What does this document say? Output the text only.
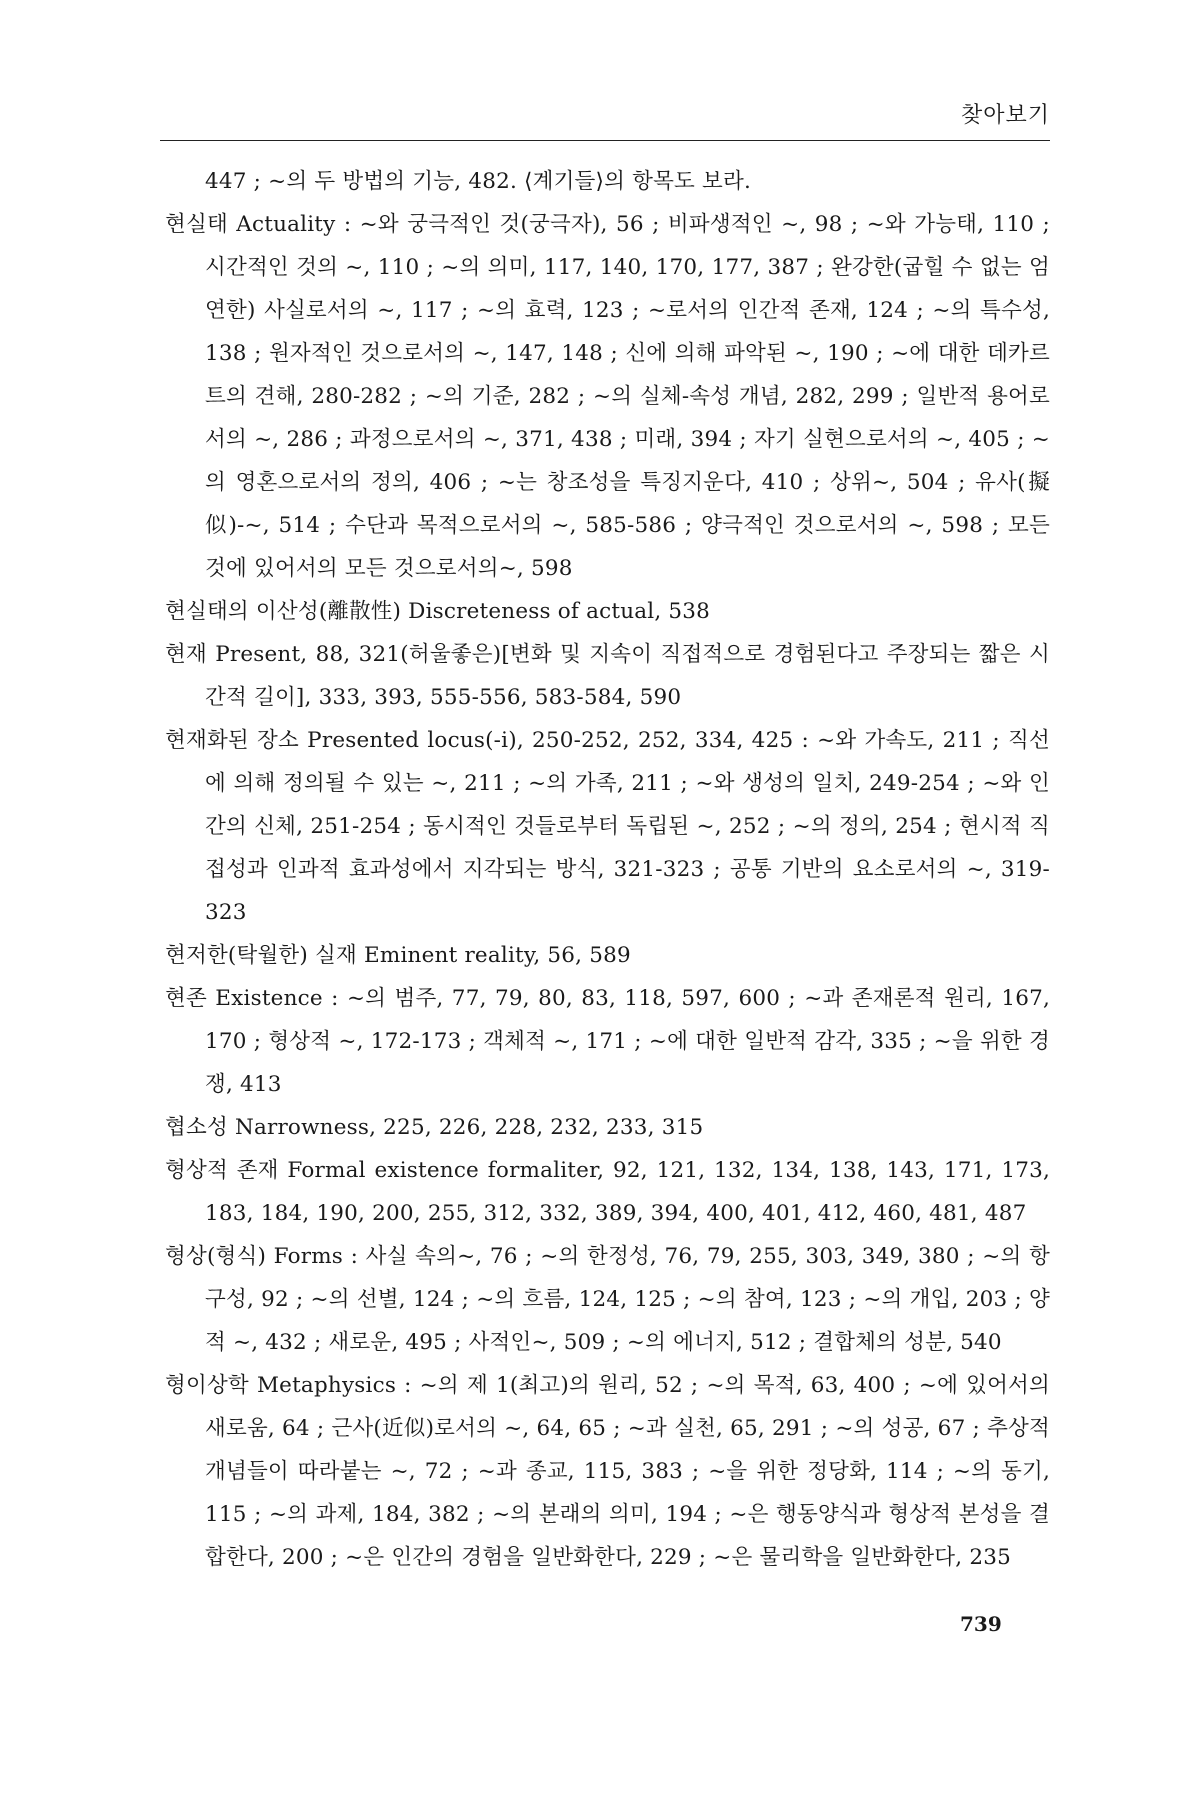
찾아보기

447 ; ~의 두 방법의 기능, 482. ⟨계기들⟩의 항목도 보라.

현실태 Actuality : ~와 궁극적인 것(궁극자), 56 ; 비파생적인 ~, 98 ; ~와 가능태, 110 ; 시간적인 것의 ~, 110 ; ~의 의미, 117, 140, 170, 177, 387 ; 완강한(굽힐 수 없는 엄연한) 사실로서의 ~, 117 ; ~의 효력, 123 ; ~로서의 인간적 존재, 124 ; ~의 특수성, 138 ; 원자적인 것으로서의 ~, 147, 148 ; 신에 의해 파악된 ~, 190 ; ~에 대한 데카르트의 견해, 280-282 ; ~의 기준, 282 ; ~의 실체-속성 개념, 282, 299 ; 일반적 용어로서의 ~, 286 ; 과정으로서의 ~, 371, 438 ; 미래, 394 ; 자기 실현으로서의 ~, 405 ; ~의 영혼으로서의 정의, 406 ; ~는 창조성을 특징지운다, 410 ; 상위~, 504 ; 유사(擬似)-~, 514 ; 수단과 목적으로서의 ~, 585-586 ; 양극적인 것으로서의 ~, 598 ; 모든 것에 있어서의 모든 것으로서의~, 598

현실태의 이산성(離散性) Discreteness of actual, 538

현재 Present, 88, 321(허울좋은)[변화 및 지속이 직접적으로 경험된다고 주장되는 짧은 시간적 길이], 333, 393, 555-556, 583-584, 590

현재화된 장소 Presented locus(-i), 250-252, 252, 334, 425 : ~와 가속도, 211 ; 직선에 의해 정의될 수 있는 ~, 211 ; ~의 가족, 211 ; ~와 생성의 일치, 249-254 ; ~와 인간의 신체, 251-254 ; 동시적인 것들로부터 독립된 ~, 252 ; ~의 정의, 254 ; 현시적 직접성과 인과적 효과성에서 지각되는 방식, 321-323 ; 공통 기반의 요소로서의 ~, 319-323

현저한(탁월한) 실재 Eminent reality, 56, 589

현존 Existence : ~의 범주, 77, 79, 80, 83, 118, 597, 600 ; ~과 존재론적 원리, 167, 170 ; 형상적 ~, 172-173 ; 객체적 ~, 171 ; ~에 대한 일반적 감각, 335 ; ~을 위한 경쟁, 413

협소성 Narrowness, 225, 226, 228, 232, 233, 315

형상적 존재 Formal existence formaliter, 92, 121, 132, 134, 138, 143, 171, 173, 183, 184, 190, 200, 255, 312, 332, 389, 394, 400, 401, 412, 460, 481, 487

형상(형식) Forms : 사실 속의~, 76 ; ~의 한정성, 76, 79, 255, 303, 349, 380 ; ~의 항구성, 92 ; ~의 선별, 124 ; ~의 흐름, 124, 125 ; ~의 참여, 123 ; ~의 개입, 203 ; 양적 ~, 432 ; 새로운, 495 ; 사적인~, 509 ; ~의 에너지, 512 ; 결합체의 성분, 540

형이상학 Metaphysics : ~의 제 1(최고)의 원리, 52 ; ~의 목적, 63, 400 ; ~에 있어서의 새로움, 64 ; 근사(近似)로서의 ~, 64, 65 ; ~과 실천, 65, 291 ; ~의 성공, 67 ; 추상적 개념들이 따라붙는 ~, 72 ; ~과 종교, 115, 383 ; ~을 위한 정당화, 114 ; ~의 동기, 115 ; ~의 과제, 184, 382 ; ~의 본래의 의미, 194 ; ~은 행동양식과 형상적 본성을 결합한다, 200 ; ~은 인간의 경험을 일반화한다, 229 ; ~은 물리학을 일반화한다, 235

739
